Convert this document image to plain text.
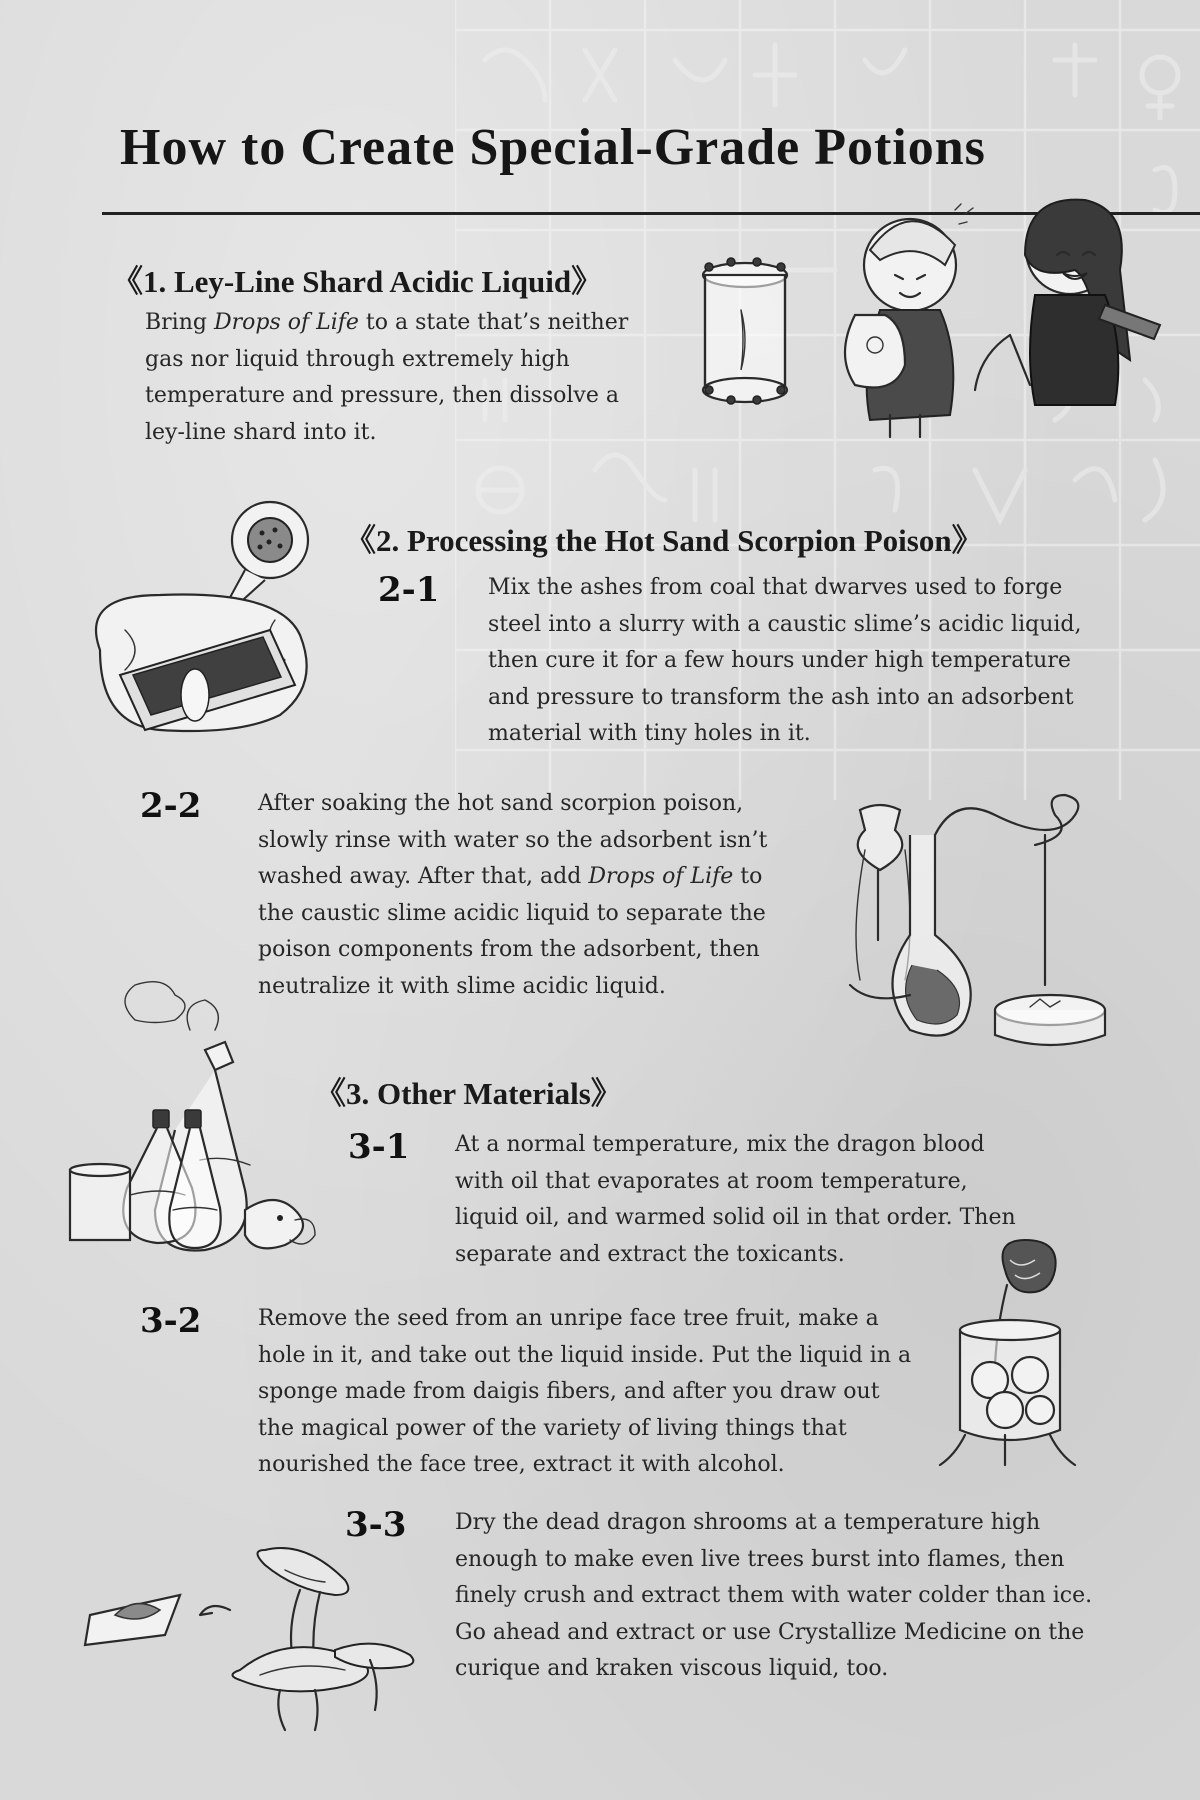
How to Create Special-Grade Potions
《1. Ley-Line Shard Acidic Liquid》
Bring Drops of Life to a state that’s neither gas nor liquid through extremely high temperature and pressure, then dissolve a ley-line shard into it.
《2. Processing the Hot Sand Scorpion Poison》
2-1 Mix the ashes from coal that dwarves used to forge steel into a slurry with a caustic slime’s acidic liquid, then cure it for a few hours under high temperature and pressure to transform the ash into an adsorbent material with tiny holes in it.
2-2	After soaking the hot sand scorpion poison, slowly rinse with water so the adsorbent isn’t washed away. After that, add Drops of Life to the caustic slime acidic liquid to separate the poison components from the adsorbent, then neutralize it with slime acidic liquid.
《3. Other Materials》
3-1 At a normal temperature, mix the dragon blood with oil that evaporates at room temperature, liquid oil, and warmed solid oil in that order. Then separate and extract the toxicants.
3-2	Remove the seed from an unripe face tree fruit, make a hole in it, and take out the liquid inside. Put the liquid in a sponge made from daigis fibers, and after you draw out the magical power of the variety of living things that nourished the face tree, extract it with alcohol.
3-3 Dry the dead dragon shrooms at a temperature high enough to make even live trees burst into flames, then finely crush and extract them with water colder than ice. Go ahead and extract or use Crystallize Medicine on the curique and kraken viscous liquid, too.
